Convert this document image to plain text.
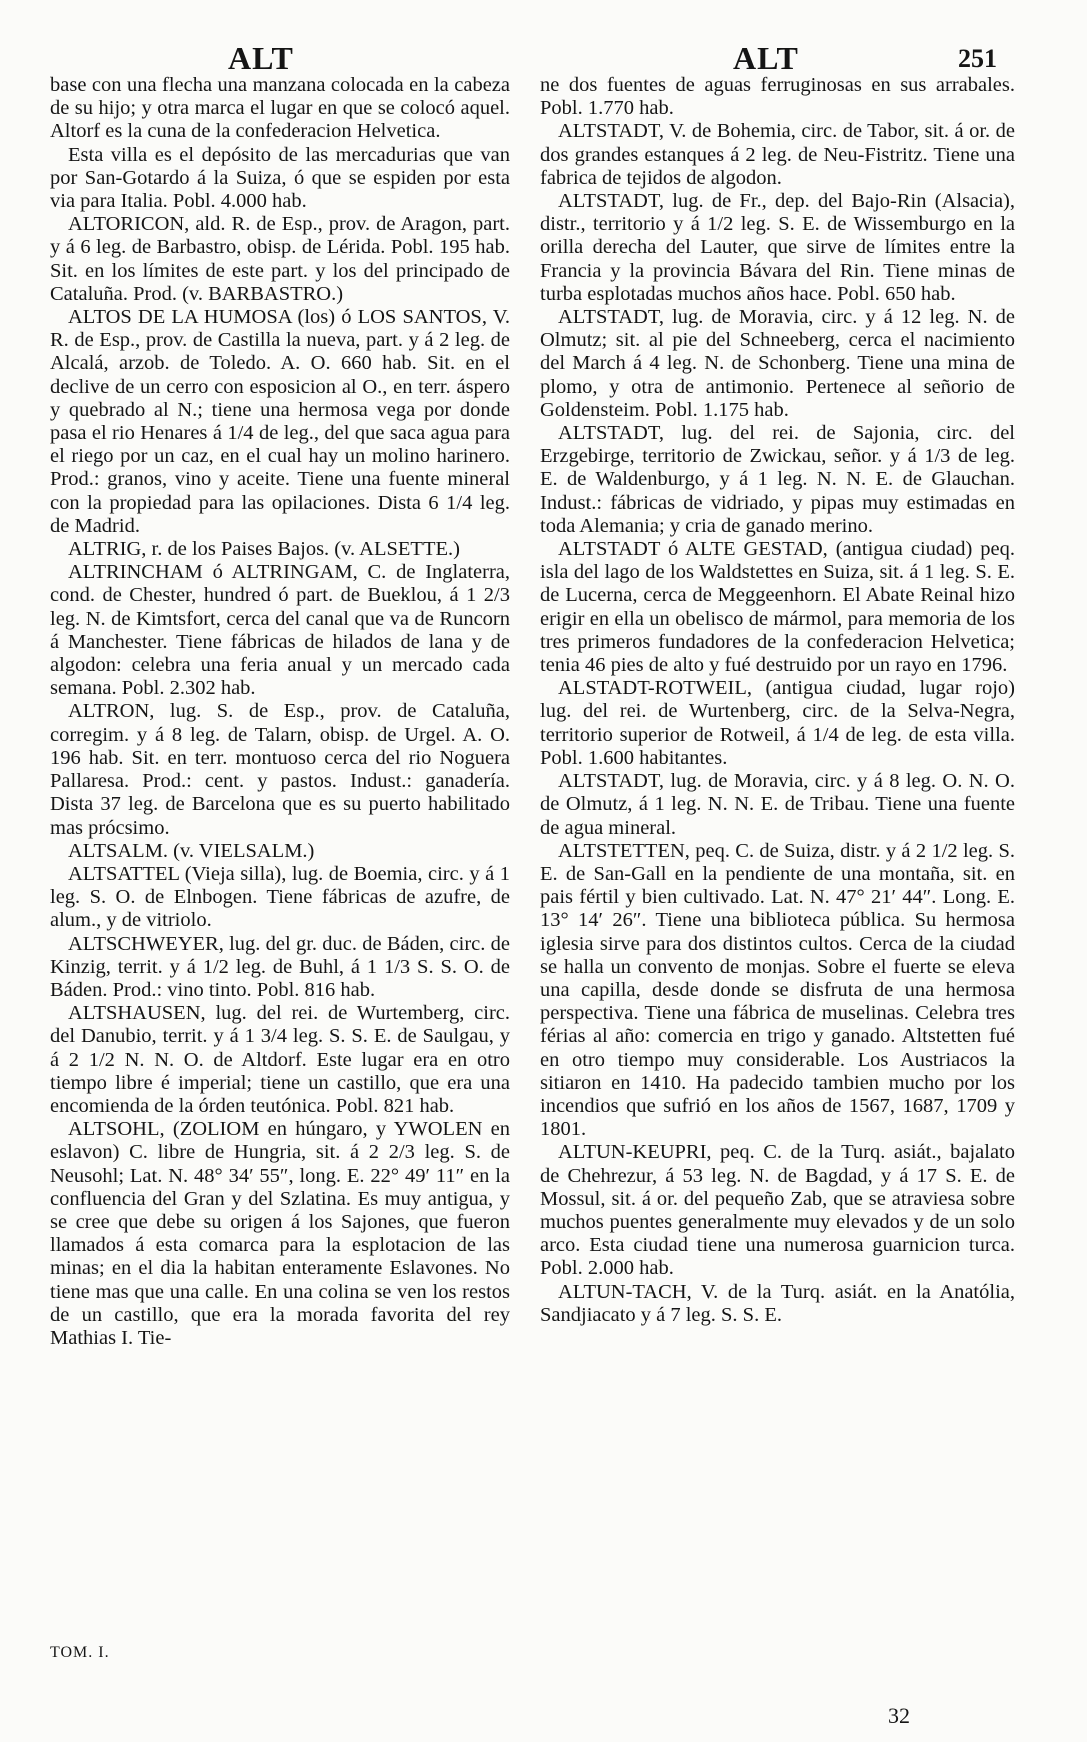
ALT	ALT	251

base con una flecha una manzana colocada en la cabeza de su hijo; y otra marca el lugar en que se colocó aquel. Altorf es la cuna de la confederacion Helvetica.

Esta villa es el depósito de las mercadurias que van por San-Gotardo á la Suiza, ó que se espiden por esta via para Italia. Pobl. 4.000 hab.

ALTORICON, ald. R. de Esp., prov. de Aragon, part. y á 6 leg. de Barbastro, obisp. de Lérida. Pobl. 195 hab. Sit. en los límites de este part. y los del principado de Cataluña. Prod. (v. BARBASTRO.)

ALTOS DE LA HUMOSA (los) ó LOS SANTOS, V. R. de Esp., prov. de Castilla la nueva, part. y á 2 leg. de Alcalá, arzob. de Toledo. A. O. 660 hab. Sit. en el declive de un cerro con esposicion al O., en terr. áspero y quebrado al N.; tiene una hermosa vega por donde pasa el rio Henares á 1/4 de leg., del que saca agua para el riego por un caz, en el cual hay un molino harinero. Prod.: granos, vino y aceite. Tiene una fuente mineral con la propiedad para las opilaciones. Dista 6 1/4 leg. de Madrid.

ALTRIG, r. de los Paises Bajos. (v. ALSETTE.)

ALTRINCHAM ó ALTRINGAM, C. de Inglaterra, cond. de Chester, hundred ó part. de Bueklou, á 1 2/3 leg. N. de Kimtsfort, cerca del canal que va de Runcorn á Manchester. Tiene fábricas de hilados de lana y de algodon: celebra una feria anual y un mercado cada semana. Pobl. 2.302 hab.

ALTRON, lug. S. de Esp., prov. de Cataluña, corregim. y á 8 leg. de Talarn, obisp. de Urgel. A. O. 196 hab. Sit. en terr. montuoso cerca del rio Noguera Pallaresa. Prod.: cent. y pastos. Indust.: ganadería. Dista 37 leg. de Barcelona que es su puerto habilitado mas prócsimo.

ALTSALM. (v. VIELSALM.)

ALTSATTEL (Vieja silla), lug. de Boemia, circ. y á 1 leg. S. O. de Elnbogen. Tiene fábricas de azufre, de alum., y de vitriolo.

ALTSCHWEYER, lug. del gr. duc. de Báden, circ. de Kinzig, territ. y á 1/2 leg. de Buhl, á 1 1/3 S. S. O. de Báden. Prod.: vino tinto. Pobl. 816 hab.

ALTSHAUSEN, lug. del rei. de Wurtemberg, circ. del Danubio, territ. y á 1 3/4 leg. S. S. E. de Saulgau, y á 2 1/2 N. N. O. de Altdorf. Este lugar era en otro tiempo libre é imperial; tiene un castillo, que era una encomienda de la órden teutónica. Pobl. 821 hab.

ALTSOHL, (ZOLIOM en húngaro, y YWOLEN en eslavon) C. libre de Hungria, sit. á 2 2/3 leg. S. de Neusohl; Lat. N. 48° 34′ 55″, long. E. 22° 49′ 11″ en la confluencia del Gran y del Szlatina. Es muy antigua, y se cree que debe su origen á los Sajones, que fueron llamados á esta comarca para la esplotacion de las minas; en el dia la habitan enteramente Eslavones. No tiene mas que una calle. En una colina se ven los restos de un castillo, que era la morada favorita del rey Mathias I. Tie-

ne dos fuentes de aguas ferruginosas en sus arrabales. Pobl. 1.770 hab.

ALTSTADT, V. de Bohemia, circ. de Tabor, sit. á or. de dos grandes estanques á 2 leg. de Neu-Fistritz. Tiene una fabrica de tejidos de algodon.

ALTSTADT, lug. de Fr., dep. del Bajo-Rin (Alsacia), distr., territorio y á 1/2 leg. S. E. de Wissemburgo en la orilla derecha del Lauter, que sirve de límites entre la Francia y la provincia Bávara del Rin. Tiene minas de turba esplotadas muchos años hace. Pobl. 650 hab.

ALTSTADT, lug. de Moravia, circ. y á 12 leg. N. de Olmutz; sit. al pie del Schneeberg, cerca el nacimiento del March á 4 leg. N. de Schonberg. Tiene una mina de plomo, y otra de antimonio. Pertenece al señorio de Goldensteim. Pobl. 1.175 hab.

ALTSTADT, lug. del rei. de Sajonia, circ. del Erzgebirge, territorio de Zwickau, señor. y á 1/3 de leg. E. de Waldenburgo, y á 1 leg. N. N. E. de Glauchan. Indust.: fábricas de vidriado, y pipas muy estimadas en toda Alemania; y cria de ganado merino.

ALTSTADT ó ALTE GESTAD, (antigua ciudad) peq. isla del lago de los Waldstettes en Suiza, sit. á 1 leg. S. E. de Lucerna, cerca de Meggeenhorn. El Abate Reinal hizo erigir en ella un obelisco de mármol, para memoria de los tres primeros fundadores de la confederacion Helvetica; tenia 46 pies de alto y fué destruido por un rayo en 1796.

ALSTADT-ROTWEIL, (antigua ciudad, lugar rojo) lug. del rei. de Wurtenberg, circ. de la Selva-Negra, territorio superior de Rotweil, á 1/4 de leg. de esta villa. Pobl. 1.600 habitantes.

ALTSTADT, lug. de Moravia, circ. y á 8 leg. O. N. O. de Olmutz, á 1 leg. N. N. E. de Tribau. Tiene una fuente de agua mineral.

ALTSTETTEN, peq. C. de Suiza, distr. y á 2 1/2 leg. S. E. de San-Gall en la pendiente de una montaña, sit. en pais fértil y bien cultivado. Lat. N. 47° 21′ 44″. Long. E. 13° 14′ 26″. Tiene una biblioteca pública. Su hermosa iglesia sirve para dos distintos cultos. Cerca de la ciudad se halla un convento de monjas. Sobre el fuerte se eleva una capilla, desde donde se disfruta de una hermosa perspectiva. Tiene una fábrica de muselinas. Celebra tres férias al año: comercia en trigo y ganado. Altstetten fué en otro tiempo muy considerable. Los Austriacos la sitiaron en 1410. Ha padecido tambien mucho por los incendios que sufrió en los años de 1567, 1687, 1709 y 1801.

ALTUN-KEUPRI, peq. C. de la Turq. asiát., bajalato de Chehrezur, á 53 leg. N. de Bagdad, y á 17 S. E. de Mossul, sit. á or. del pequeño Zab, que se atraviesa sobre muchos puentes generalmente muy elevados y de un solo arco. Esta ciudad tiene una numerosa guarnicion turca. Pobl. 2.000 hab.

ALTUN-TACH, V. de la Turq. asiát. en la Anatólia, Sandjiacato y á 7 leg. S. S. E.

TOM. I.
32
